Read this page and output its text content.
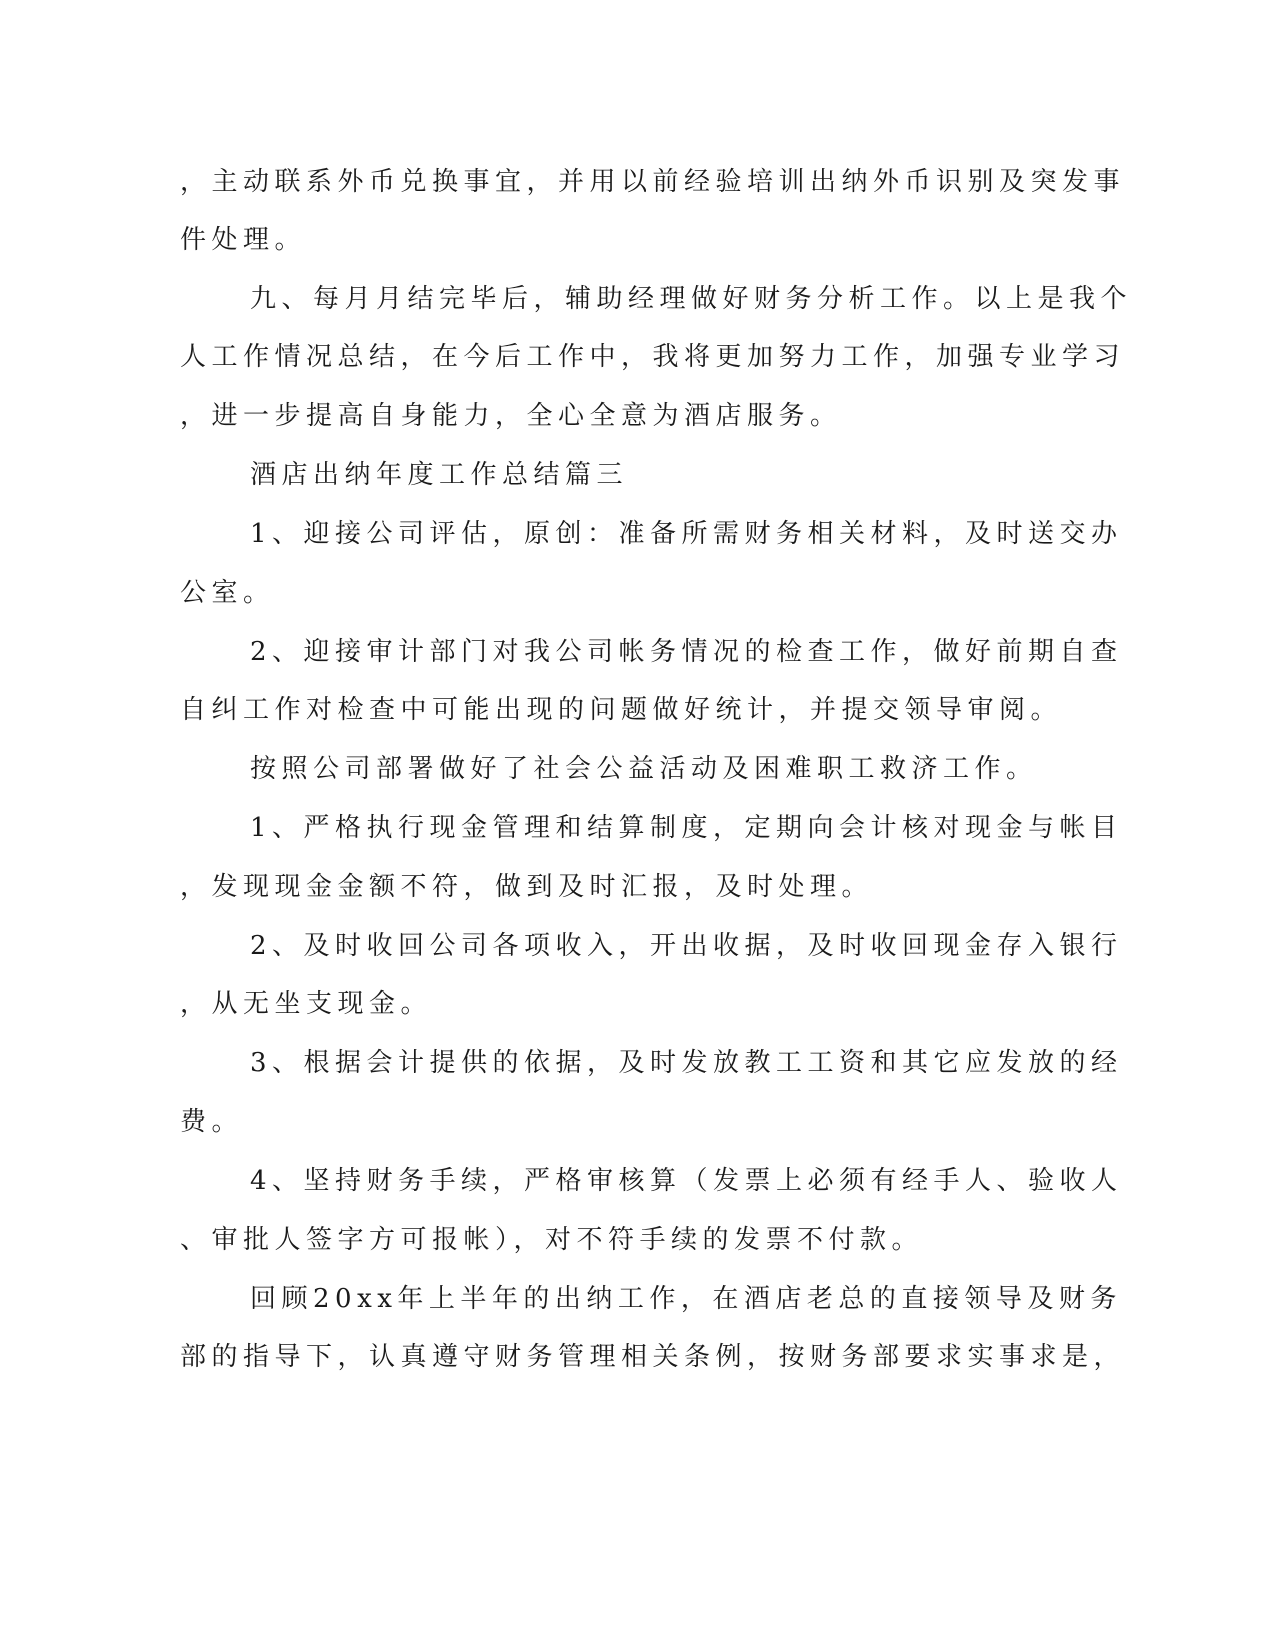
，主动联系外币兑换事宜，并用以前经验培训出纳外币识别及突发事
件处理。
九、每月月结完毕后，辅助经理做好财务分析工作。以上是我个
人工作情况总结，在今后工作中，我将更加努力工作，加强专业学习
，进一步提高自身能力，全心全意为酒店服务。
酒店出纳年度工作总结篇三
1、迎接公司评估，原创：准备所需财务相关材料，及时送交办
公室。
2、迎接审计部门对我公司帐务情况的检查工作，做好前期自查
自纠工作对检查中可能出现的问题做好统计，并提交领导审阅。
按照公司部署做好了社会公益活动及困难职工救济工作。
1、严格执行现金管理和结算制度，定期向会计核对现金与帐目
，发现现金金额不符，做到及时汇报，及时处理。
2、及时收回公司各项收入，开出收据，及时收回现金存入银行
，从无坐支现金。
3、根据会计提供的依据，及时发放教工工资和其它应发放的经
费。
4、坚持财务手续，严格审核算（发票上必须有经手人、验收人
、审批人签字方可报帐），对不符手续的发票不付款。
回顾20xx年上半年的出纳工作，在酒店老总的直接领导及财务
部的指导下，认真遵守财务管理相关条例，按财务部要求实事求是，
